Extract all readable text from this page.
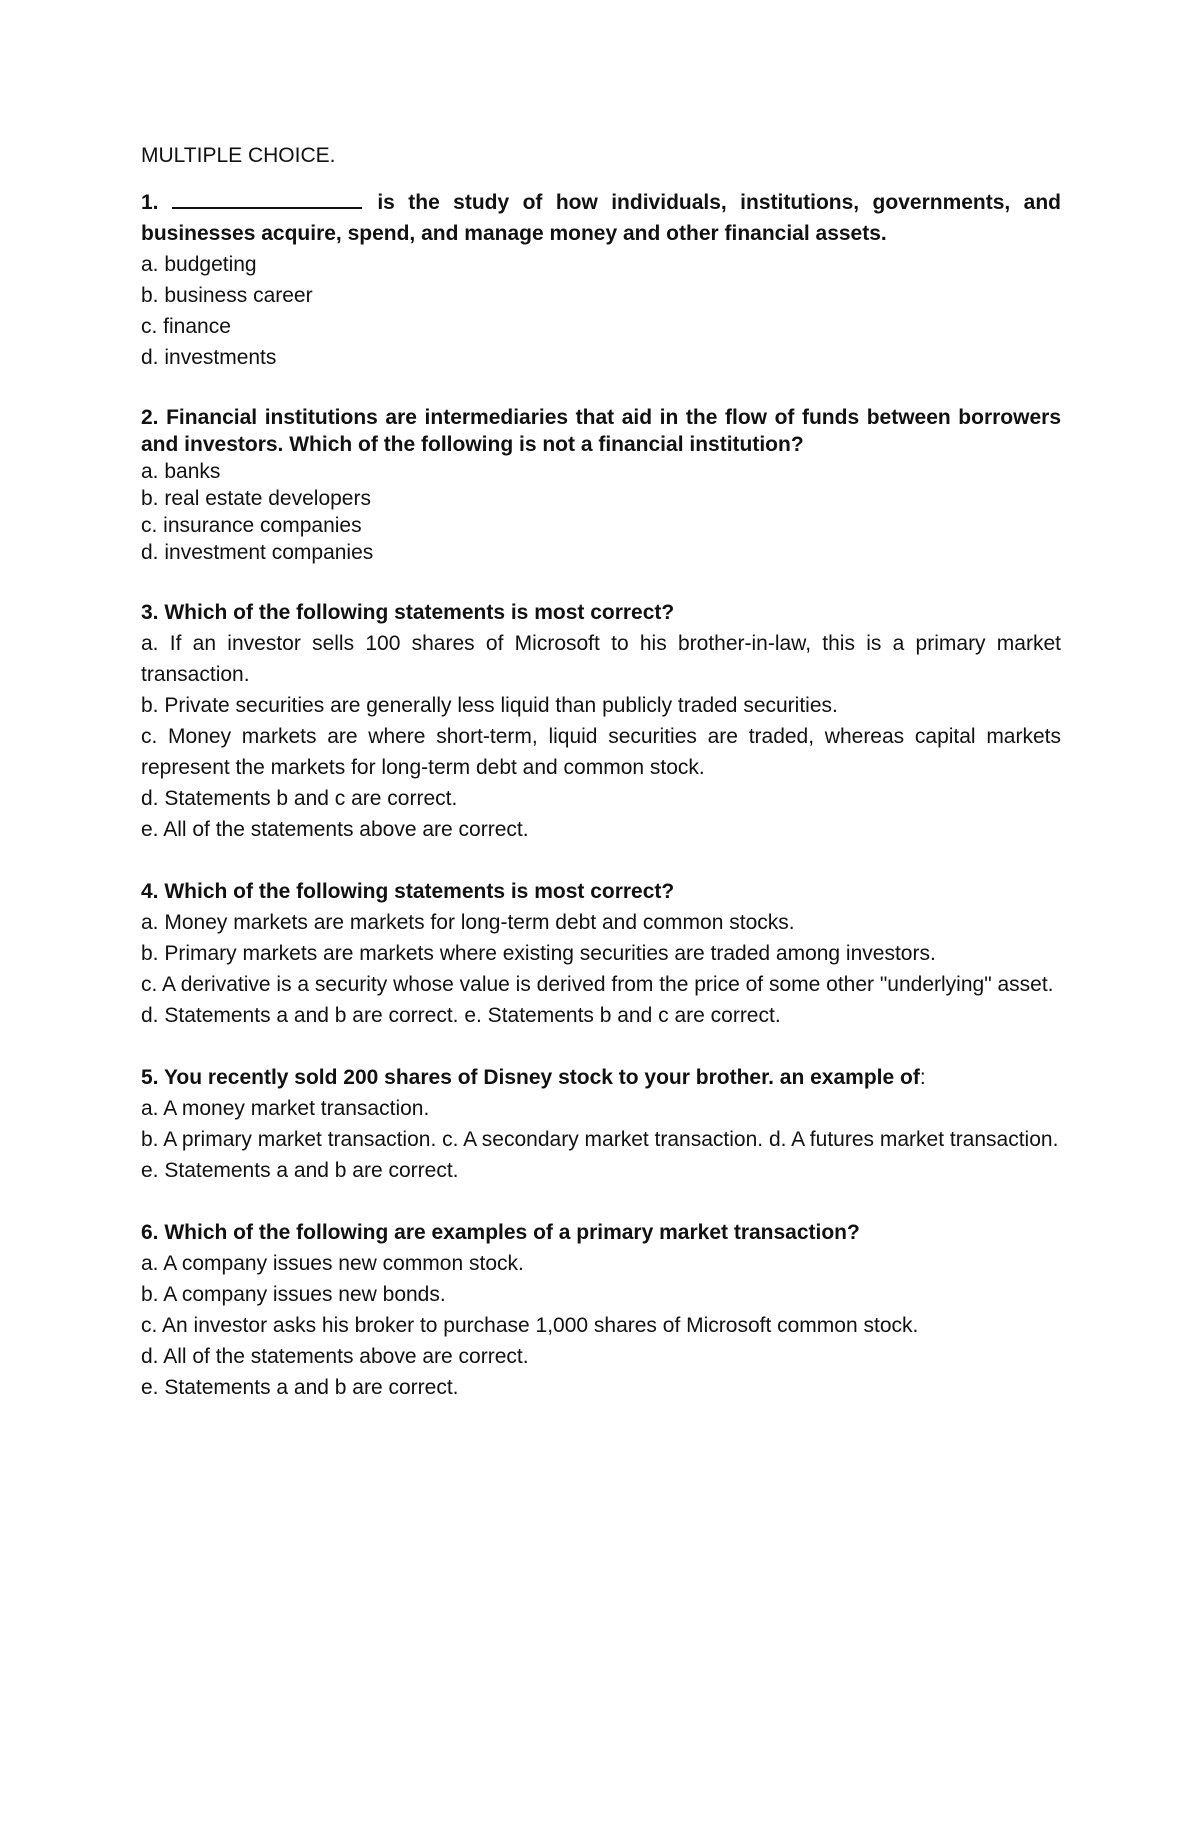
MULTIPLE CHOICE.

1.	is the study of how individuals, institutions, governments, and businesses acquire, spend, and manage money and other financial assets.

a. budgeting

b. business career

c. finance

d. investments

2. Financial institutions are intermediaries that aid in the flow of funds between borrowers and investors. Which of the following is not a financial institution?

a. banks

b. real estate developers

c. insurance companies

d. investment companies

3. Which of the following statements is most correct?

a. If an investor sells 100 shares of Microsoft to his brother-in-law, this is a primary market transaction.

b. Private securities are generally less liquid than publicly traded securities.

c. Money markets are where short-term, liquid securities are traded, whereas capital markets represent the markets for long-term debt and common stock.

d. Statements b and c are correct.

e. All of the statements above are correct.

4. Which of the following statements is most correct?

a. Money markets are markets for long-term debt and common stocks.

b. Primary markets are markets where existing securities are traded among investors.

c. A derivative is a security whose value is derived from the price of some other "underlying" asset.

d. Statements a and b are correct. e. Statements b and c are correct.

5. You recently sold 200 shares of Disney stock to your brother. an example of:

a. A money market transaction.

b. A primary market transaction. c. A secondary market transaction. d. A futures market transaction.

e. Statements a and b are correct.

6. Which of the following are examples of a primary market transaction?

a. A company issues new common stock.

b. A company issues new bonds.

c. An investor asks his broker to purchase 1,000 shares of Microsoft common stock.

d. All of the statements above are correct.

e. Statements a and b are correct.
